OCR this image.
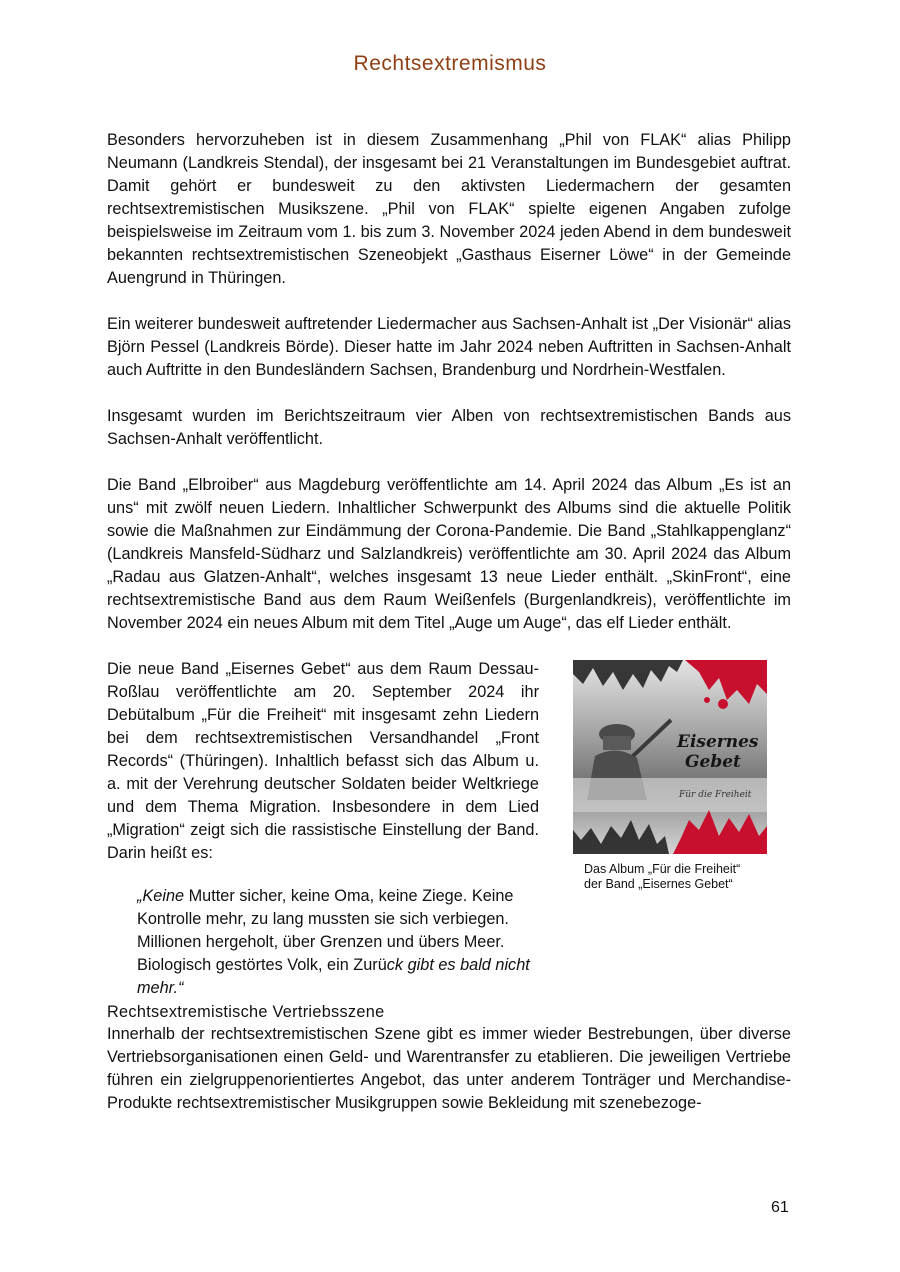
Rechtsextremismus

Besonders hervorzuheben ist in diesem Zusammenhang „Phil von FLAK“ alias Philipp Neumann (Landkreis Stendal), der insgesamt bei 21 Veranstaltungen im Bundesgebiet auftrat. Damit gehört er bundesweit zu den aktivsten Liedermachern der gesamten rechtsextremistischen Musikszene. „Phil von FLAK“ spielte eigenen Angaben zufolge beispielsweise im Zeitraum vom 1. bis zum 3. November 2024 jeden Abend in dem bundesweit bekannten rechtsextremistischen Szeneobjekt „Gasthaus Eiserner Löwe“ in der Gemeinde Auengrund in Thüringen.

Ein weiterer bundesweit auftretender Liedermacher aus Sachsen-Anhalt ist „Der Visionär“ alias Björn Pessel (Landkreis Börde). Dieser hatte im Jahr 2024 neben Auftritten in Sachsen-Anhalt auch Auftritte in den Bundesländern Sachsen, Brandenburg und Nordrhein-Westfalen.

Insgesamt wurden im Berichtszeitraum vier Alben von rechtsextremistischen Bands aus Sachsen-Anhalt veröffentlicht.

Die Band „Elbroiber“ aus Magdeburg veröffentlichte am 14. April 2024 das Album „Es ist an uns“ mit zwölf neuen Liedern. Inhaltlicher Schwerpunkt des Albums sind die aktuelle Politik sowie die Maßnahmen zur Eindämmung der Corona-Pandemie. Die Band „Stahlkappenglanz“ (Landkreis Mansfeld-Südharz und Salzlandkreis) veröffentlichte am 30. April 2024 das Album „Radau aus Glatzen-Anhalt“, welches insgesamt 13 neue Lieder enthält. „SkinFront“, eine rechtsextremistische Band aus dem Raum Weißenfels (Burgenlandkreis), veröffentlichte im November 2024 ein neues Album mit dem Titel „Auge um Auge“, das elf Lieder enthält.

Die neue Band „Eisernes Gebet“ aus dem Raum Dessau-Roßlau veröffentlichte am 20. September 2024 ihr Debütalbum „Für die Freiheit“ mit insgesamt zehn Liedern bei dem rechtsextremistischen Versandhandel „Front Records“ (Thüringen). Inhaltlich befasst sich das Album u. a. mit der Verehrung deutscher Soldaten beider Weltkriege und dem Thema Migration. Insbesondere in dem Lied „Migration“ zeigt sich die rassistische Einstellung der Band. Darin heißt es:

Eisernes
Gebet
Für die Freiheit

Das Album „Für die Freiheit“
der Band „Eisernes Gebet“

„Keine Mutter sicher, keine Oma, keine Ziege. Keine Kontrolle mehr, zu lang mussten sie sich verbiegen. Millionen hergeholt, über Grenzen und übers Meer. Biologisch gestörtes Volk, ein Zurück gibt es bald nicht mehr.“

Rechtsextremistische Vertriebsszene

Innerhalb der rechtsextremistischen Szene gibt es immer wieder Bestrebungen, über diverse Vertriebsorganisationen einen Geld- und Warentransfer zu etablieren. Die jeweiligen Vertriebe führen ein zielgruppenorientiertes Angebot, das unter anderem Tonträger und Merchandise-Produkte rechtsextremistischer Musikgruppen sowie Bekleidung mit szenebezoge-

61
